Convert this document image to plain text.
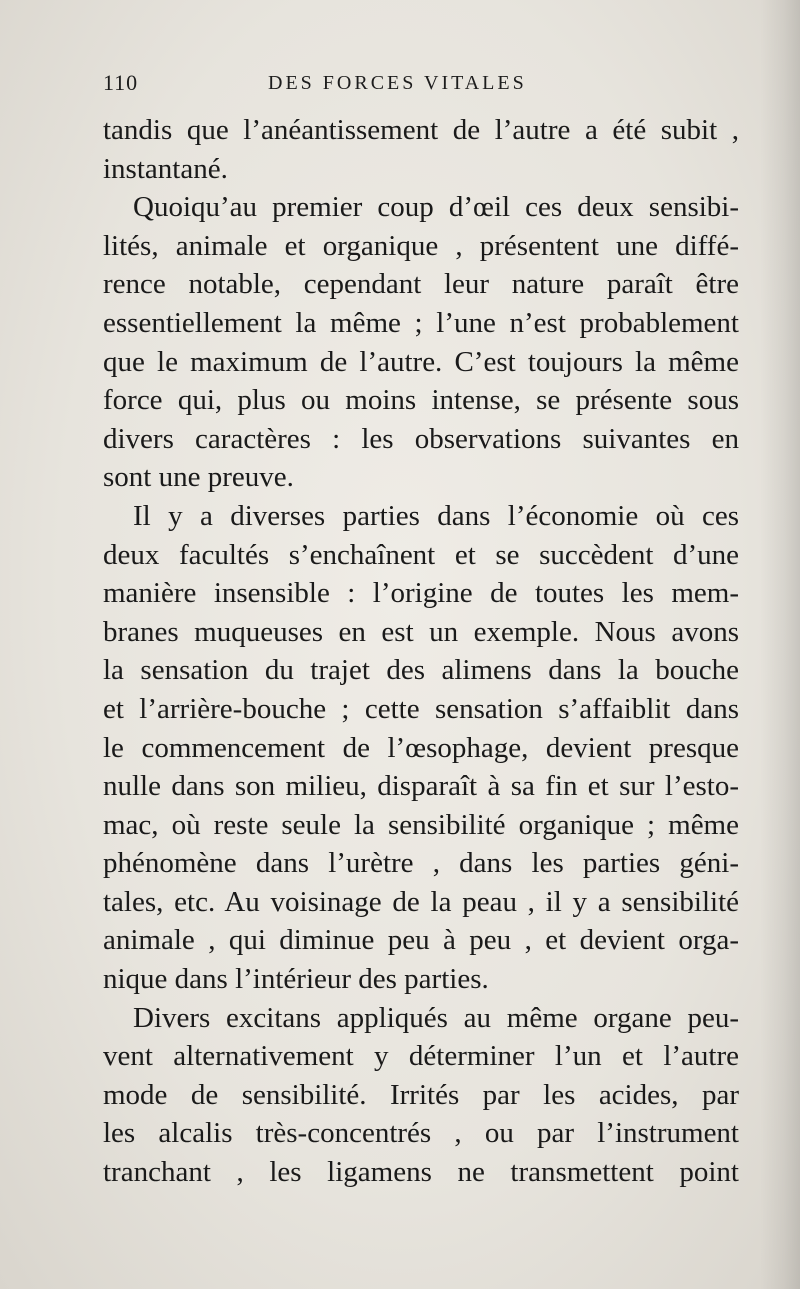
110	DES FORCES VITALES
tandis que l’anéantissement de l’autre a été subit ,
instantané.
Quoiqu’au premier coup d’œil ces deux sensibi-
lités, animale et organique , présentent une diffé-
rence notable, cependant leur nature paraît être
essentiellement la même ; l’une n’est probablement
que le maximum de l’autre. C’est toujours la même
force qui, plus ou moins intense, se présente sous
divers caractères : les observations suivantes en
sont une preuve.
Il y a diverses parties dans l’économie où ces
deux facultés s’enchaînent et se succèdent d’une
manière insensible : l’origine de toutes les mem-
branes muqueuses en est un exemple. Nous avons
la sensation du trajet des alimens dans la bouche
et l’arrière-bouche ; cette sensation s’affaiblit dans
le commencement de l’œsophage, devient presque
nulle dans son milieu, disparaît à sa fin et sur l’esto-
mac, où reste seule la sensibilité organique ; même
phénomène dans l’urètre , dans les parties géni-
tales, etc. Au voisinage de la peau , il y a sensibilité
animale , qui diminue peu à peu , et devient orga-
nique dans l’intérieur des parties.
Divers excitans appliqués au même organe peu-
vent alternativement y déterminer l’un et l’autre
mode de sensibilité. Irrités par les acides, par
les alcalis très-concentrés , ou par l’instrument
tranchant , les ligamens ne transmettent point
